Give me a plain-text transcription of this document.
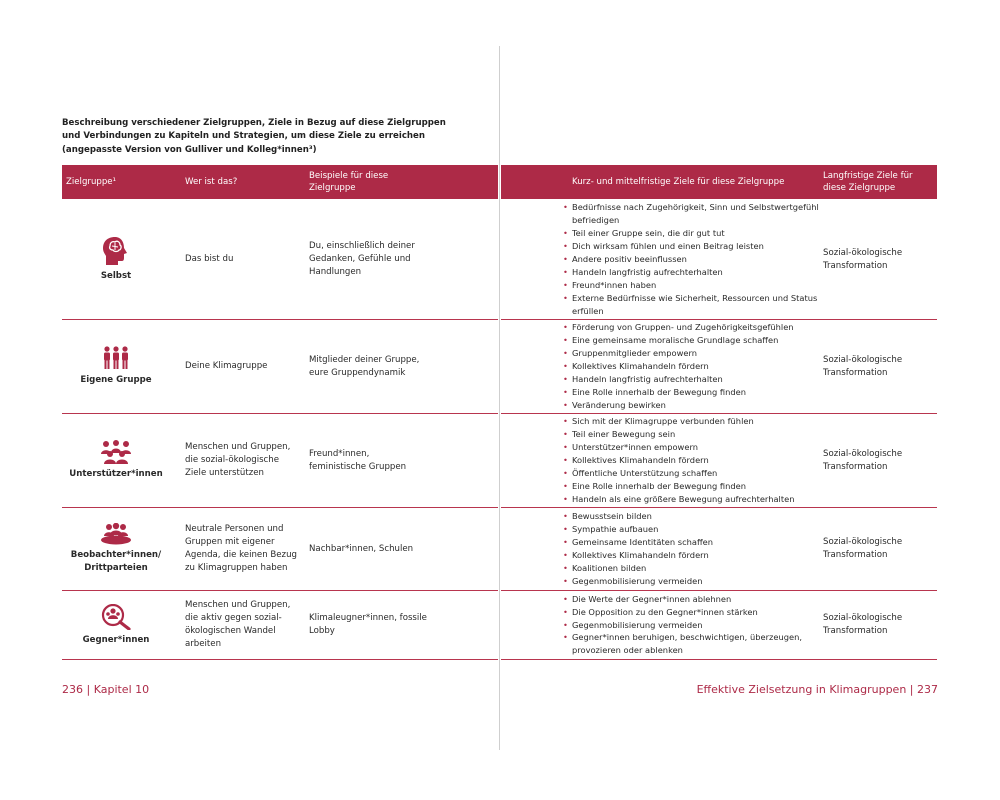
Beschreibung verschiedener Zielgruppen, Ziele in Bezug auf diese Zielgruppen und Verbindungen zu Kapiteln und Strategien, um diese Ziele zu erreichen (angepasste Version von Gulliver und Kolleg*innen³)
Zielgruppe¹	Wer ist das?
Beispiele für diese Zielgruppe
Kurz- und mittelfristige Ziele für diese Zielgruppe
Langfristige Ziele für diese Zielgruppe
Selbst
Das bist du
Du, einschließlich deiner Gedanken, Gefühle und Handlungen
• Bedürfnisse nach Zugehörigkeit, Sinn und Selbstwertgefühl befriedigen
• Teil einer Gruppe sein, die dir gut tut
• Dich wirksam fühlen und einen Beitrag leisten
• Andere positiv beeinflussen
• Handeln langfristig aufrechterhalten
• Freund*innen haben
• Externe Bedürfnisse wie Sicherheit, Ressourcen und Status erfüllen
Sozial-ökologische Transformation
Eigene Gruppe
Deine Klimagruppe
Mitglieder deiner Gruppe, eure Gruppendynamik
• Förderung von Gruppen- und Zugehörigkeitsgefühlen
• Eine gemeinsame moralische Grundlage schaffen
• Gruppenmitglieder empowern
• Kollektives Klimahandeln fördern
• Handeln langfristig aufrechterhalten
• Eine Rolle innerhalb der Bewegung finden
• Veränderung bewirken
Sozial-ökologische Transformation
Unterstützer*innen
Menschen und Gruppen, die sozial-ökologische Ziele unterstützen
Freund*innen, feministische Gruppen
• Sich mit der Klimagruppe verbunden fühlen
• Teil einer Bewegung sein
• Unterstützer*innen empowern
• Kollektives Klimahandeln fördern
• Öffentliche Unterstützung schaffen
• Eine Rolle innerhalb der Bewegung finden
• Handeln als eine größere Bewegung aufrechterhalten
Sozial-ökologische Transformation
Beobachter*innen/ Drittparteien
Neutrale Personen und Gruppen mit eigener Agenda, die keinen Bezug zu Klimagruppen haben
Nachbar*innen, Schulen
• Bewusstsein bilden
• Sympathie aufbauen
• Gemeinsame Identitäten schaffen
• Kollektives Klimahandeln fördern
• Koalitionen bilden
• Gegenmobilisierung vermeiden
Sozial-ökologische Transformation
Gegner*innen
Menschen und Gruppen, die aktiv gegen sozial-ökologischen Wandel arbeiten
Klimaleugner*innen, fossile Lobby
• Die Werte der Gegner*innen ablehnen
• Die Opposition zu den Gegner*innen stärken
• Gegenmobilisierung vermeiden
• Gegner*innen beruhigen, beschwichtigen, überzeugen, provozieren oder ablenken
Sozial-ökologische Transformation
236 | Kapitel 10	Effektive Zielsetzung in Klimagruppen | 237
